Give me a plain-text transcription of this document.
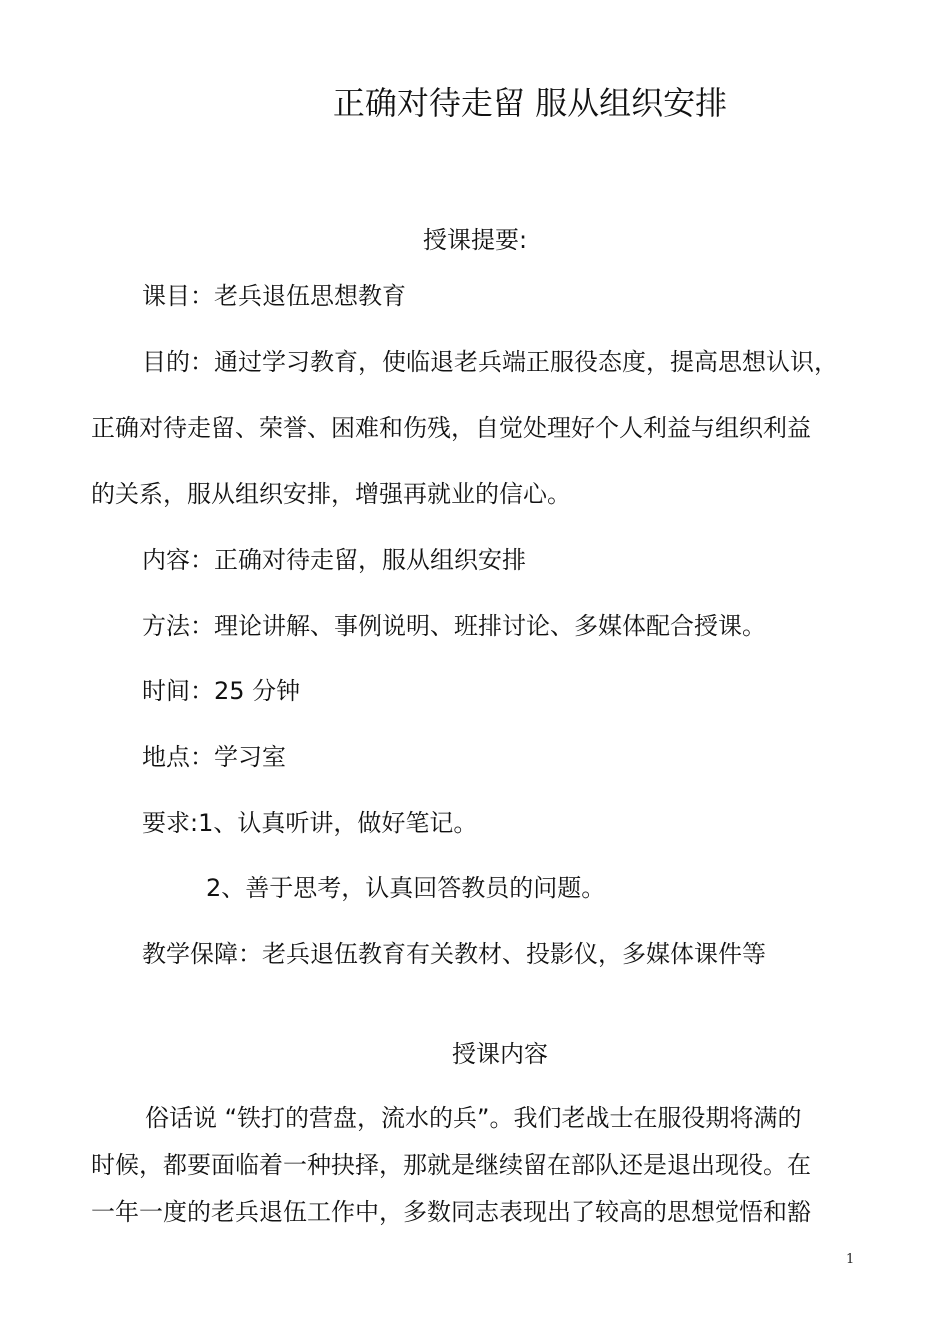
正确对待走留 服从组织安排
授课提要:
课目：老兵退伍思想教育
目的：通过学习教育，使临退老兵端正服役态度，提高思想认识，
正确对待走留、荣誉、困难和伤残，自觉处理好个人利益与组织利益
的关系，服从组织安排，增强再就业的信心。
内容：正确对待走留，服从组织安排
方法：理论讲解、事例说明、班排讨论、多媒体配合授课。
时间：25 分钟
地点：学习室
要求:1、认真听讲，做好笔记。
2、善于思考，认真回答教员的问题。
教学保障：老兵退伍教育有关教材、投影仪，多媒体课件等
授课内容
俗话说 “铁打的营盘，流水的兵”。我们老战士在服役期将满的
时候，都要面临着一种抉择，那就是继续留在部队还是退出现役。在
一年一度的老兵退伍工作中，多数同志表现出了较高的思想觉悟和豁
1
